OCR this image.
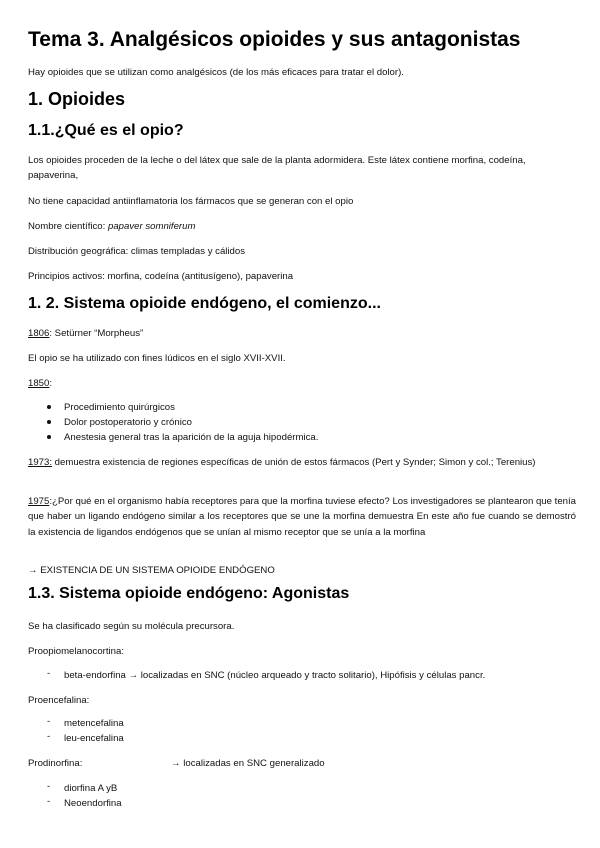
Tema 3. Analgésicos opioides y sus antagonistas
Hay opioides que se utilizan como analgésicos (de los más eficaces para tratar el dolor).
1. Opioides
1.1.¿Qué es el opio?
Los opioides proceden de la leche o del látex que sale de la planta adormidera. Este látex contiene morfina, codeína, papaverina,
No tiene capacidad antiinflamatoria los fármacos que se generan con el opio
Nombre científico: papaver somniferum
Distribución geográfica: climas templadas y cálidos
Principios activos: morfina, codeína (antitusígeno), papaverina
1. 2. Sistema opioide endógeno, el comienzo...
1806: Setürner “Morpheus”
El opio se ha utilizado con fines lúdicos en el siglo XVII-XVII.
1850:
Procedimiento quirúrgicos
Dolor postoperatorio y crónico
Anestesia general tras la aparición de la aguja hipodérmica.
1973: demuestra existencia de regiones específicas de unión de estos fármacos (Pert y Synder; Simon y col.; Terenius)
1975:¿Por qué en el organismo había receptores para que la morfina tuviese efecto? Los investigadores se plantearon que tenía que haber un ligando endógeno similar a los receptores que se une la morfina demuestra En este año fue cuando se demostró la existencia de ligandos endógenos que se unían al mismo receptor que se unía a la morfina
→ EXISTENCIA DE UN SISTEMA OPIOIDE ENDÓGENO
1.3. Sistema opioide endógeno: Agonistas
Se ha clasificado según su molécula precursora.
Proopiomelanocortina:
- beta-endorfina → localizadas en SNC (núcleo arqueado y tracto solitario), Hipófisis y células pancr.
Proencefalina:
- metencefalina
- leu-encefalina
Prodinorfina:	→ localizadas en SNC generalizado
- diorfina A yB
- Neoendorfina
